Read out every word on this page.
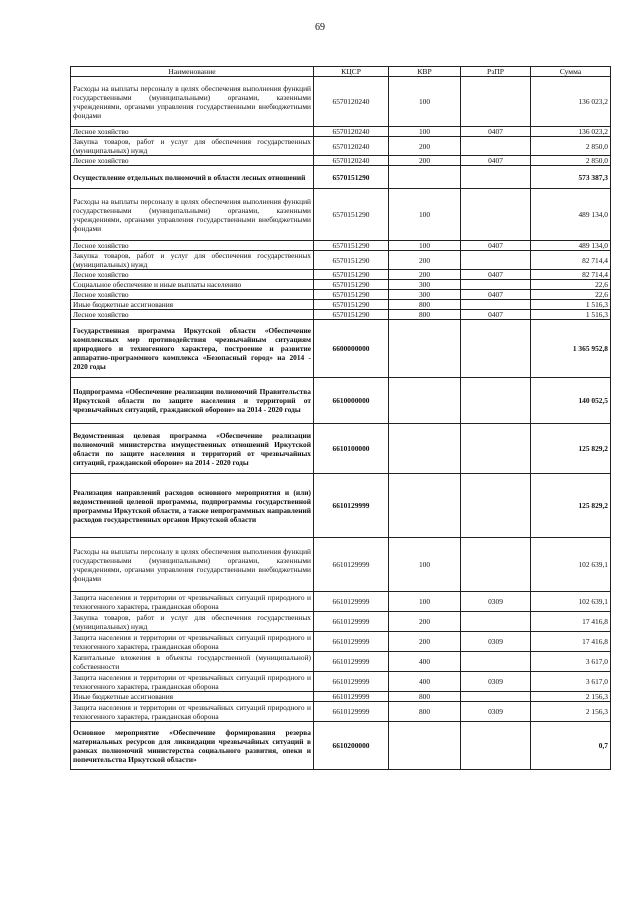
69
Наименование	КЦСР	КВР	РзПР	Сумма
Расходы на выплаты персоналу в целях обеспечения выполнения функций государственными (муниципальными) органами, казенными учреждениями, органами управления государственными внебюджетными фондами	6570120240	100		136 023,2
Лесное хозяйство	6570120240	100	0407	136 023,2
Закупка товаров, работ и услуг для обеспечения государственных (муниципальных) нужд	6570120240	200		2 850,0
Лесное хозяйство	6570120240	200	0407	2 850,0
Осуществление отдельных полномочий в области лесных отношений	6570151290			573 387,3
Расходы на выплаты персоналу в целях обеспечения выполнения функций государственными (муниципальными) органами, казенными учреждениями, органами управления государственными внебюджетными фондами	6570151290	100		489 134,0
Лесное хозяйство	6570151290	100	0407	489 134,0
Закупка товаров, работ и услуг для обеспечения государственных (муниципальных) нужд	6570151290	200		82 714,4
Лесное хозяйство	6570151290	200	0407	82 714,4
Социальное обеспечение и иные выплаты населению	6570151290	300		22,6
Лесное хозяйство	6570151290	300	0407	22,6
Иные бюджетные ассигнования	6570151290	800		1 516,3
Лесное хозяйство	6570151290	800	0407	1 516,3
Государственная программа Иркутской области «Обеспечение комплексных мер противодействия чрезвычайным ситуациям природного и техногенного характера, построение и развитие аппаратно-программного комплекса «Безопасный город» на 2014 - 2020 годы	6600000000			1 365 952,8
Подпрограмма «Обеспечение реализации полномочий Правительства Иркутской области по защите населения и территорий от чрезвычайных ситуаций, гражданской обороне» на 2014 - 2020 годы	6610000000			140 052,5
Ведомственная целевая программа «Обеспечение реализации полномочий министерства имущественных отношений Иркутской области по защите населения и территорий от чрезвычайных ситуаций, гражданской обороне» на 2014 - 2020 годы	6610100000			125 829,2
Реализация направлений расходов основного мероприятия и (или) ведомственной целевой программы, подпрограммы государственной программы Иркутской области, а также непрограммных направлений расходов государственных органов Иркутской области	6610129999			125 829,2
Расходы на выплаты персоналу в целях обеспечения выполнения функций государственными (муниципальными) органами, казенными учреждениями, органами управления государственными внебюджетными фондами	6610129999	100		102 639,1
Защита населения и территории от чрезвычайных ситуаций природного и техногенного характера, гражданская оборона	6610129999	100	0309	102 639,1
Закупка товаров, работ и услуг для обеспечения государственных (муниципальных) нужд	6610129999	200		17 416,8
Защита населения и территории от чрезвычайных ситуаций природного и техногенного характера, гражданская оборона	6610129999	200	0309	17 416,8
Капитальные вложения в объекты государственной (муниципальной) собственности	6610129999	400		3 617,0
Защита населения и территории от чрезвычайных ситуаций природного и техногенного характера, гражданская оборона	6610129999	400	0309	3 617,0
Иные бюджетные ассигнования	6610129999	800		2 156,3
Защита населения и территории от чрезвычайных ситуаций природного и техногенного характера, гражданская оборона	6610129999	800	0309	2 156,3
Основное мероприятие «Обеспечение формирования резерва материальных ресурсов для ликвидации чрезвычайных ситуаций в рамках полномочий министерства социального развития, опеки и попечительства Иркутской области»	6610200000			0,7
